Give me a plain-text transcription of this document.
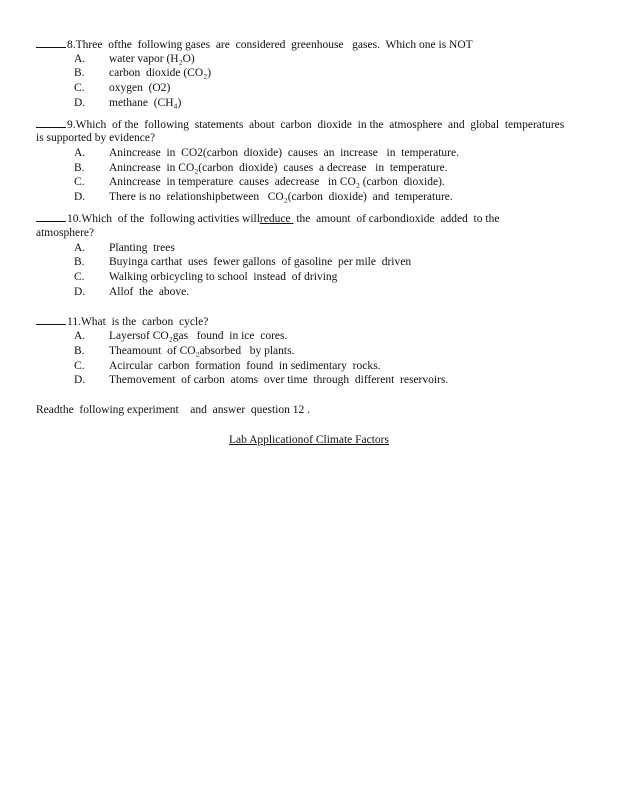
8.Three  ofthe  following gases  are  considered  greenhouse   gases.  Which one is NOT
A.	water vapor (H₂O)
B.	carbon  dioxide (CO₂)
C.	oxygen  (O2)
D.	methane  (CH₄)
9.Which  of the  following  statements  about  carbon  dioxide  in the  atmosphere  and  global  temperatures
is supported by evidence?
A.	Anincrease  in  CO2(carbon  dioxide)  causes  an  increase   in  temperature.
B.	Anincrease  in CO₂(carbon  dioxide)  causes  a decrease   in  temperature.
C.	Anincrease  in temperature  causes  adecrease   in CO₂ (carbon  dioxide).
D.	There is no  relationshipbetween   CO₂(carbon  dioxide)  and  temperature.
10.Which  of the  following activities willreduce  the  amount  of carbondioxide  added  to the
atmosphere?
A.	Planting  trees
B.	Buyinga carthat  uses  fewer gallons  of gasoline  per mile  driven
C.	Walking orbicycling to school  instead  of driving
D.	Allof  the  above.
11.What  is the  carbon  cycle?
A.	Layersof CO₂gas   found  in ice  cores.
B.	Theamount  of CO₂absorbed   by plants.
C.	Acircular  carbon  formation  found  in sedimentary  rocks.
D.	Themovement  of carbon  atoms  over time  through  different  reservoirs.
Readthe  following experiment    and  answer  question 12 .
Lab Applicationof Climate Factors
